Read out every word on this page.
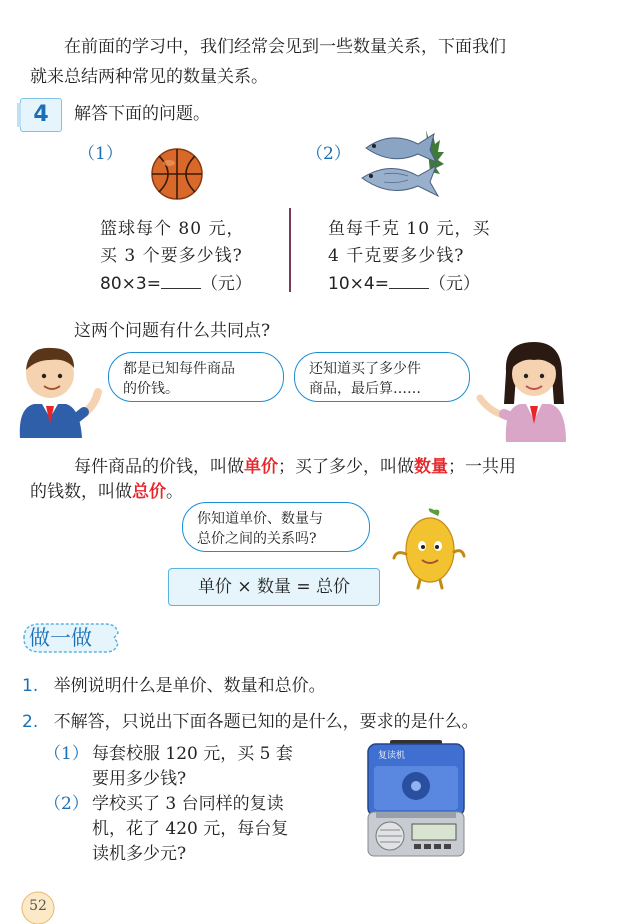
在前面的学习中，我们经常会见到一些数量关系，下面我们
就来总结两种常见的数量关系。
4	解答下面的问题。
（1）
篮球每个 80 元，
买 3 个要多少钱?
80×3= （元）
（2）
鱼每千克 10 元，买
4 千克要多少钱?
10×4= （元）
这两个问题有什么共同点?
都是已知每件商品
的价钱。
还知道买了多少件
商品，最后算……
每件商品的价钱，叫做单价；买了多少，叫做数量；一共用
的钱数，叫做总价。
你知道单价、数量与
总价之间的关系吗?
单价 × 数量 = 总价
做一做
1. 举例说明什么是单价、数量和总价。
2. 不解答，只说出下面各题已知的是什么，要求的是什么。
（1） 每套校服 120 元，买 5 套
要用多少钱?
（2） 学校买了 3 台同样的复读
机，花了 420 元，每台复
读机多少元?
复读机
52
